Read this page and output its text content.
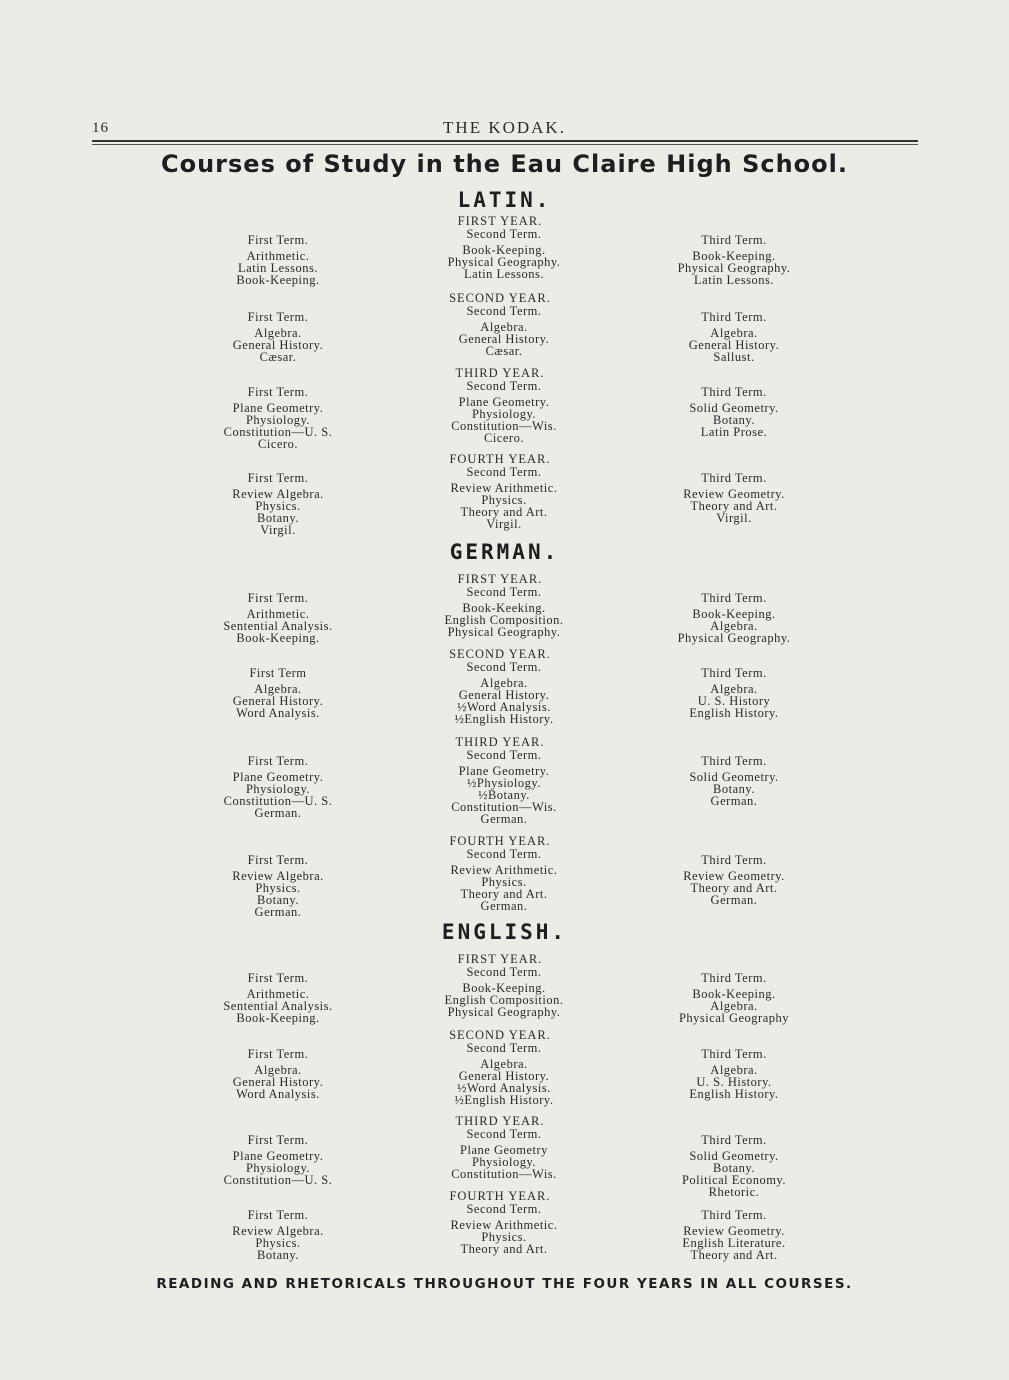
16	THE KODAK.
Courses of Study in the Eau Claire High School.
LATIN.
FIRST YEAR.
First Term.
Arithmetic.
Latin Lessons.
Book-Keeping.
Second Term.
Book-Keeping.
Physical Geography.
Latin Lessons.
Third Term.
Book-Keeping.
Physical Geography.
Latin Lessons.
SECOND YEAR.
First Term.
Algebra.
General History.
Cæsar.
Second Term.
Algebra.
General History.
Cæsar.
Third Term.
Algebra.
General History.
Sallust.
THIRD YEAR.
First Term.
Plane Geometry.
Physiology.
Constitution—U. S.
Cicero.
Second Term.
Plane Geometry.
Physiology.
Constitution—Wis.
Cicero.
Third Term.
Solid Geometry.
Botany.
Latin Prose.
FOURTH YEAR.
First Term.
Review Algebra.
Physics.
Botany.
Virgil.
Second Term.
Review Arithmetic.
Physics.
Theory and Art.
Virgil.
Third Term.
Review Geometry.
Theory and Art.
Virgil.
GERMAN.
FIRST YEAR.
First Term.
Arithmetic.
Sentential Analysis.
Book-Keeping.
Second Term.
Book-Keeking.
English Composition.
Physical Geography.
Third Term.
Book-Keeping.
Algebra.
Physical Geography.
SECOND YEAR.
First Term
Algebra.
General History.
Word Analysis.
Second Term.
Algebra.
General History.
½Word Analysis.
½English History.
Third Term.
Algebra.
U. S. History
English History.
THIRD YEAR.
First Term.
Plane Geometry.
Physiology.
Constitution—U. S.
German.
Second Term.
Plane Geometry.
½Physiology.
½Botany.
Constitution—Wis.
German.
Third Term.
Solid Geometry.
Botany.
German.
FOURTH YEAR.
First Term.
Review Algebra.
Physics.
Botany.
German.
Second Term.
Review Arithmetic.
Physics.
Theory and Art.
German.
Third Term.
Review Geometry.
Theory and Art.
German.
ENGLISH.
FIRST YEAR.
First Term.
Arithmetic.
Sentential Analysis.
Book-Keeping.
Second Term.
Book-Keeping.
English Composition.
Physical Geography.
Third Term.
Book-Keeping.
Algebra.
Physical Geography
SECOND YEAR.
First Term.
Algebra.
General History.
Word Analysis.
Second Term.
Algebra.
General History.
½Word Analysis.
½English History.
Third Term.
Algebra.
U. S. History.
English History.
THIRD YEAR.
First Term.
Plane Geometry.
Physiology.
Constitution—U. S.
Second Term.
Plane Geometry
Physiology.
Constitution—Wis.
Third Term.
Solid Geometry.
Botany.
Political Economy.
Rhetoric.
FOURTH YEAR.
First Term.
Review Algebra.
Physics.
Botany.
Second Term.
Review Arithmetic.
Physics.
Theory and Art.
Third Term.
Review Geometry.
English Literature.
Theory and Art.
READING AND RHETORICALS THROUGHOUT THE FOUR YEARS IN ALL COURSES.
